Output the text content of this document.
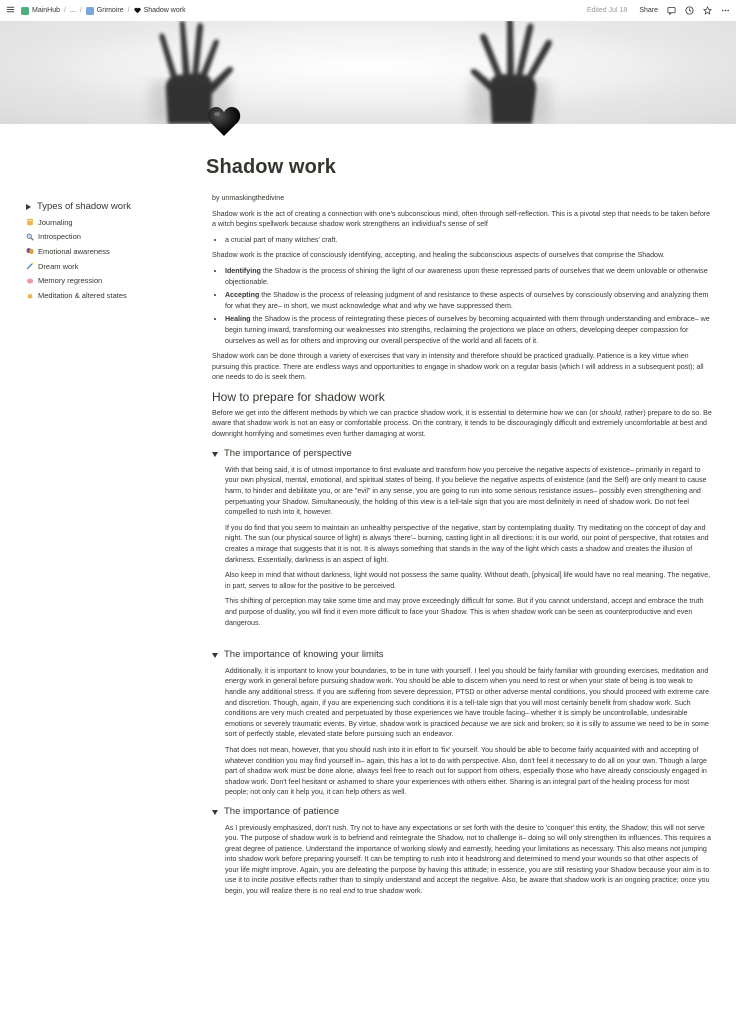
MainHub / ... / Grimoire / Shadow work	Edited Jul 18 Share
Shadow work
Types of shadow work
Journaling
Introspection
Emotional awareness
Dream work
Memory regression
Meditation & altered states

by unmaskingthedivine

Shadow work is the act of creating a connection with one's subconscious mind, often through self-reflection. This is a pivotal step that needs to be taken before a witch begins spellwork because shadow work strengthens an individual's sense of self

• a crucial part of many witches' craft.

Shadow work is the practice of consciously identifying, accepting, and healing the subconscious aspects of ourselves that comprise the Shadow.

• Identifying the Shadow is the process of shining the light of our awareness upon these repressed parts of ourselves that we deem unlovable or otherwise objectionable.
• Accepting the Shadow is the process of releasing judgment of and resistance to these aspects of ourselves by consciously observing and analyzing them for what they are– in short, we must acknowledge what and why we have suppressed them.
• Healing the Shadow is the process of reintegrating these pieces of ourselves by becoming acquainted with them through understanding and embrace– we begin turning inward, transforming our weaknesses into strengths, reclaiming the projections we place on others, developing deeper compassion for ourselves as well as for others and improving our overall perspective of the world and all facets of it.

Shadow work can be done through a variety of exercises that vary in intensity and therefore should be practiced gradually. Patience is a key virtue when pursuing this practice. There are endless ways and opportunities to engage in shadow work on a regular basis (which I will address in a subsequent post); all one needs to do is seek them.

How to prepare for shadow work

Before we get into the different methods by which we can practice shadow work, it is essential to determine how we can (or should, rather) prepare to do so. Be aware that shadow work is not an easy or comfortable process. On the contrary, it tends to be discouragingly difficult and extremely uncomfortable at best and downright horrifying and sometimes even further damaging at worst.

The importance of perspective

With that being said, it is of utmost importance to first evaluate and transform how you perceive the negative aspects of existence– primarily in regard to your own physical, mental, emotional, and spiritual states of being. If you believe the negative aspects of existence (and the Self) are only meant to cause harm, to hinder and debilitate you, or are "evil" in any sense, you are going to run into some serious resistance issues– possibly even strengthening and perpetuating your Shadow. Simultaneously, the holding of this view is a tell-tale sign that you are most definitely in need of shadow work. Do not feel compelled to rush into it, however.

If you do find that you seem to maintain an unhealthy perspective of the negative, start by contemplating duality. Try meditating on the concept of day and night. The sun (our physical source of light) is always 'there'– burning, casting light in all directions; it is our world, our point of perspective, that rotates and creates a mirage that suggests that it is not. It is always something that stands in the way of the light which casts a shadow and creates the illusion of darkness. Essentially, darkness is an aspect of light.

Also keep in mind that without darkness, light would not possess the same quality. Without death, [physical] life would have no real meaning. The negative, in part, serves to allow for the positive to be perceived.

This shifting of perception may take some time and may prove exceedingly difficult for some. But if you cannot understand, accept and embrace the truth and purpose of duality, you will find it even more difficult to face your Shadow. This is when shadow work can be seen as counterproductive and even dangerous.

The importance of knowing your limits

Additionally, it is important to know your boundaries, to be in tune with yourself. I feel you should be fairly familiar with grounding exercises, meditation and energy work in general before pursuing shadow work. You should be able to discern when you need to rest or when your state of being is too weak to handle any additional stress. If you are suffering from severe depression, PTSD or other adverse mental conditions, you should proceed with extreme care and discretion. Though, again, if you are experiencing such conditions it is a tell-tale sign that you will most certainly benefit from shadow work. Such conditions are very much created and perpetuated by those experiences we have trouble facing– whether it is simply be uncontrollable, undesirable emotions or severely traumatic events. By virtue, shadow work is practiced because we are sick and broken; so it is silly to assume we need to be in some sort of perfectly stable, elevated state before pursuing such an endeavor.

That does not mean, however, that you should rush into it in effort to 'fix' yourself. You should be able to become fairly acquainted with and accepting of whatever condition you may find yourself in– again, this has a lot to do with perspective. Also, don't feel it necessary to do all on your own. Though a large part of shadow work must be done alone, always feel free to reach out for support from others, especially those who have already consciously engaged in shadow work. Don't feel hesitant or ashamed to share your experiences with others either. Sharing is an integral part of the healing process for most people; not only can it help you, it can help others as well.

The importance of patience

As I previously emphasized, don't rush. Try not to have any expectations or set forth with the desire to 'conquer' this entity, the Shadow; this will not serve you. The purpose of shadow work is to befriend and reintegrate the Shadow, not to challenge it– doing so will only strengthen its influences. This requires a great degree of patience. Understand the importance of working slowly and earnestly, heeding your limitations as necessary. This also means not jumping into shadow work before preparing yourself. It can be tempting to rush into it headstrong and determined to mend your wounds so that other aspects of your life might improve. Again, you are defeating the purpose by having this attitude; in essence, you are still resisting your Shadow because your aim is to use it to incite positive effects rather than to simply understand and accept the negative. Also, be aware that shadow work is an ongoing practice; once you begin, you will realize there is no real end to true shadow work.
